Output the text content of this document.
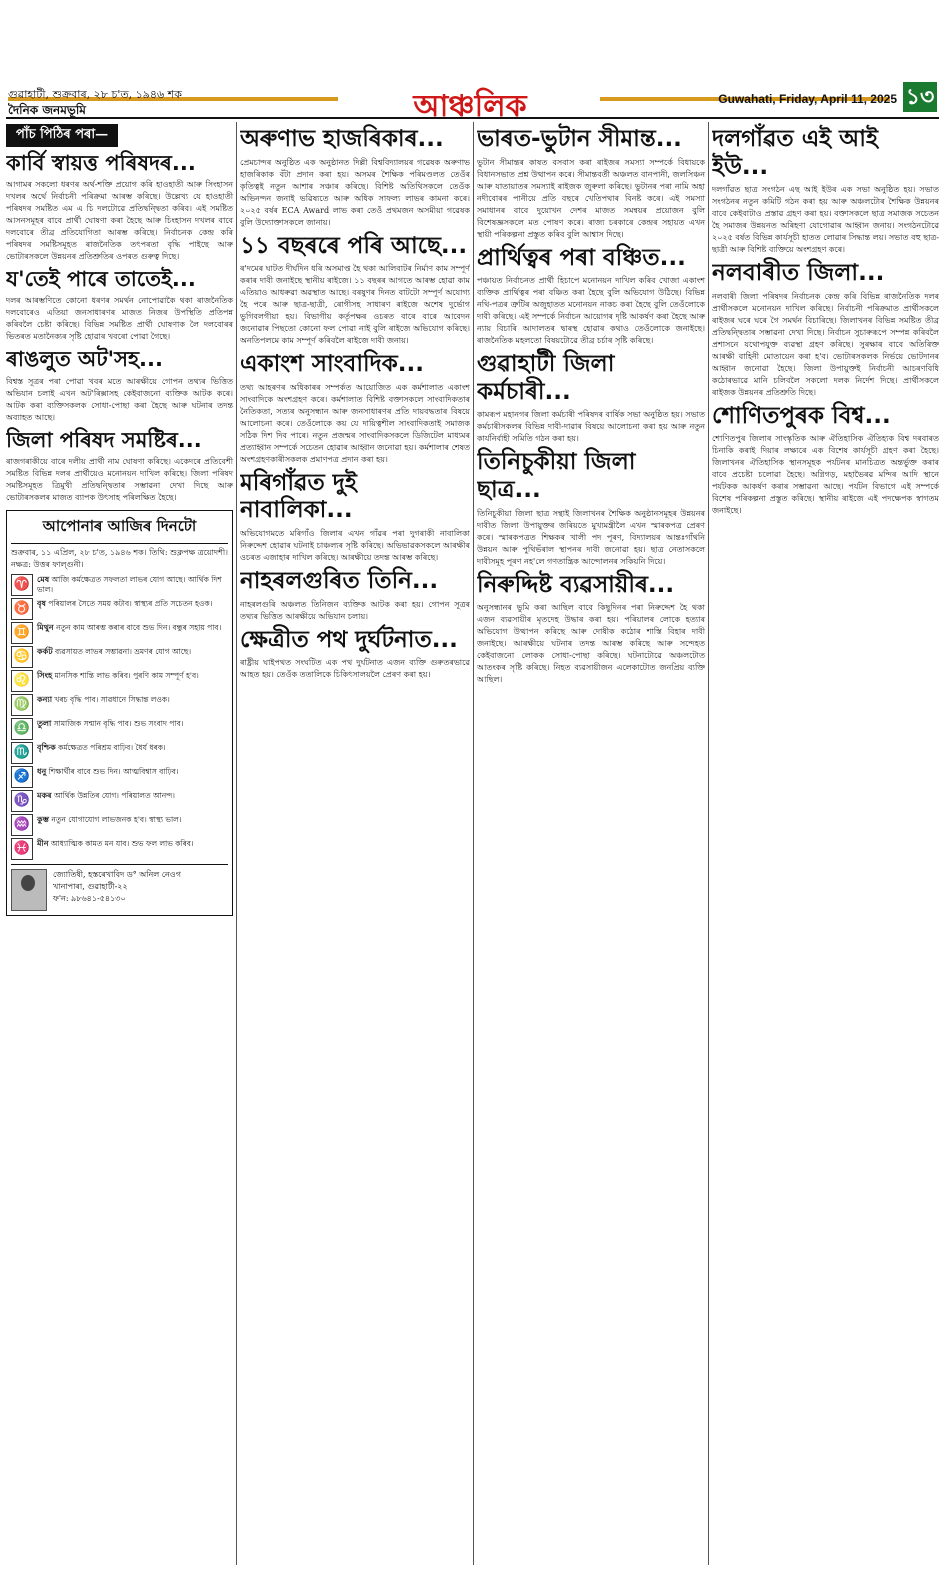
আঞ্চলিক
গুৱাহাটী, শুক্ৰবাৰ, ২৮ চ'ত, ১৯৪৬ শক
দৈনিক জনমভূমি
Guwahati, Friday, April 11, 2025 ১৩
পাঁচ পিঠিৰ পৰা—
কাৰ্বি স্বায়ত্ত পৰিষদৰ...

আগামৰ সকলো ধৰণৰ অৰ্থ-শক্তি প্ৰয়োগ কৰি হাওহাতী আৰু সিংহাসন দখলৰ অৰ্থে নিৰ্বাচনী পৰিক্ৰমা আৰম্ভ কৰিছে। উল্লেখ্য যে হাওহাতী পৰিষদৰ সমষ্টিত এম এ চি দলটোৱে প্ৰতিদ্বন্দ্বিতা কৰিব। এই সমষ্টিত আসনসমূহৰ বাবে প্ৰাৰ্থী ঘোষণা কৰা হৈছে আৰু চিংহাসন দখলৰ বাবে দলবোৰে তীব্ৰ প্ৰতিযোগিতা আৰম্ভ কৰিছে। নিৰ্বাচনক কেন্দ্ৰ কৰি পৰিষদৰ সমষ্টিসমূহত ৰাজনৈতিক তৎপৰতা বৃদ্ধি পাইছে আৰু ভোটাৰসকলে উন্নয়নৰ প্ৰতিশ্ৰুতিৰ ওপৰত গুৰুত্ব দিছে।

য'তেই পাৰে তাতেই...

দলৰ আৰম্ভণিতে কোনো ধৰণৰ সমৰ্থন নোপোৱাকৈ থকা ৰাজনৈতিক দলবোৰেও এতিয়া জনসাধাৰণৰ মাজত নিজৰ উপস্থিতি প্ৰতিপন্ন কৰিবলৈ চেষ্টা কৰিছে। বিভিন্ন সমষ্টিত প্ৰাৰ্থী ঘোষণাক লৈ দলবোৰৰ ভিতৰত মতানৈক্যৰ সৃষ্টি হোৱাৰ খবৰো পোৱা গৈছে।

ৰাঙলুত অট'সহ...

বিশ্বস্ত সূত্ৰৰ পৰা পোৱা খবৰ মতে আৰক্ষীয়ে গোপন তথ্যৰ ভিত্তিত অভিযান চলাই এখন অট'ৰিক্সাসহ কেইবাজনো ব্যক্তিক আটক কৰে। আটক কৰা ব্যক্তিসকলক সোধা-পোছা কৰা হৈছে আৰু ঘটনাৰ তদন্ত অব্যাহত আছে।

জিলা পৰিষদ সমষ্টিৰ...

ৰাজগৰাকীয়ে বাৰে দলীয় প্ৰাৰ্থী নাম ঘোষণা কৰিছে। একেদৰে প্ৰতিবেশী সমষ্টিত বিভিন্ন দলৰ প্ৰাৰ্থীয়েও মনোনয়ন দাখিল কৰিছে। জিলা পৰিষদ সমষ্টিসমূহত ত্ৰিমুখী প্ৰতিদ্বন্দ্বিতাৰ সম্ভাৱনা দেখা দিছে আৰু ভোটাৰসকলৰ মাজত ব্যাপক উৎসাহ পৰিলক্ষিত হৈছে।

আপোনাৰ আজিৰ দিনটো

শুক্ৰবাৰ, ১১ এপ্ৰিল, ২৮ চ'ত, ১৯৪৬ শক। তিথি: শুক্লপক্ষ ত্ৰয়োদশী। নক্ষত্ৰ: উত্তৰ ফাল্গুনী।

♈ মেষ আজি কৰ্মক্ষেত্ৰত সফলতা লাভৰ যোগ আছে। আৰ্থিক দিশ ভাল।
♉ বৃষ পৰিয়ালৰ সৈতে সময় কটাব। স্বাস্থ্যৰ প্ৰতি সচেতন হওক।
♊ মিথুন নতুন কাম আৰম্ভ কৰাৰ বাবে শুভ দিন। বন্ধুৰ সহায় পাব।
♋ কৰ্কট ব্যৱসায়ত লাভৰ সম্ভাৱনা। ভ্ৰমণৰ যোগ আছে।
♌ সিংহ মানসিক শান্তি লাভ কৰিব। পুৰণি কাম সম্পূৰ্ণ হ'ব।
♍ কন্যা খৰচ বৃদ্ধি পাব। সাৱধানে সিদ্ধান্ত লওক।
♎ তুলা সামাজিক সন্মান বৃদ্ধি পাব। শুভ সংবাদ পাব।
♏ বৃশ্চিক কৰ্মক্ষেত্ৰত পৰিশ্ৰম বাঢ়িব। ধৈৰ্য ধৰক।
♐ ধনু শিক্ষাৰ্থীৰ বাবে শুভ দিন। আত্মবিশ্বাস বাঢ়িব।
♑ মকৰ আৰ্থিক উন্নতিৰ যোগ। পৰিয়ালত আনন্দ।
♒ কুম্ভ নতুন যোগাযোগ লাভজনক হ'ব। স্বাস্থ্য ভাল।
♓ মীন আধ্যাত্মিক কামত মন যাব। শুভ ফল লাভ কৰিব।
জ্যোতিষী, হস্তৰেখাবিদ ড° অনিল নেওগ
খানাপাৰা, গুৱাহাটী-২২
ফ'ন: ৯৮৬৪১-৫৪১৩০
অৰুণাভ হাজৰিকাৰ...

প্ৰেমচান্দৰ অনুষ্ঠিত এক অনুষ্ঠানত দিল্লী বিশ্ববিদ্যালয়ৰ গৱেষক অৰুণাভ হাজৰিকাক বঁটা প্ৰদান কৰা হয়। অসমৰ শৈক্ষিক পৰিমণ্ডলত তেওঁৰ কৃতিত্বই নতুন আশাৰ সঞ্চাৰ কৰিছে। বিশিষ্ট অতিথিসকলে তেওঁক অভিনন্দন জনাই ভৱিষ্যতে আৰু অধিক সাফল্য লাভৰ কামনা কৰে। ২০২৫ বৰ্ষৰ ECA Award লাভ কৰা তেওঁ প্ৰথমজন অসমীয়া গৱেষক বুলি উদ্যোক্তাসকলে জানায়।

১১ বছৰৰে পৰি আছে...

ৰ'দমেৰ ঘাটত দীৰ্ঘদিন ধৰি অসমাপ্ত হৈ থকা আলিবাটৰ নিৰ্মাণ কাম সম্পূৰ্ণ কৰাৰ দাবী জনাইছে স্থানীয় ৰাইজে। ১১ বছৰৰ আগতে আৰম্ভ হোৱা কাম এতিয়াও আধৰুৱা অৱস্থাত আছে। বৰষুণৰ দিনত বাটটো সম্পূৰ্ণ অযোগ্য হৈ পৰে আৰু ছাত্ৰ-ছাত্ৰী, ৰোগীসহ সাধাৰণ ৰাইজে অশেষ দুৰ্ভোগ ভুগিবলগীয়া হয়। বিভাগীয় কৰ্তৃপক্ষৰ ওচৰত বাৰে বাৰে আবেদন জনোৱাৰ পিছতো কোনো ফল পোৱা নাই বুলি ৰাইজে অভিযোগ কৰিছে। অনতিপলমে কাম সম্পূৰ্ণ কৰিবলৈ ৰাইজে দাবী জনায়।

একাংশ সাংবাদিক...

তথ্য আহৰণৰ অধিকাৰৰ সম্পৰ্কত আয়োজিত এক কৰ্মশালাত একাংশ সাংবাদিকে অংশগ্ৰহণ কৰে। কৰ্মশালাত বিশিষ্ট বক্তাসকলে সাংবাদিকতাৰ নৈতিকতা, সত্যৰ অনুসন্ধান আৰু জনসাধাৰণৰ প্ৰতি দায়বদ্ধতাৰ বিষয়ে আলোচনা কৰে। তেওঁলোকে কয় যে দায়িত্বশীল সাংবাদিকতাই সমাজক সঠিক দিশ দিব পাৰে। নতুন প্ৰজন্মৰ সাংবাদিকসকলে ডিজিটেল মাধ্যমৰ প্ৰত্যাহ্বান সম্পৰ্কে সচেতন হোৱাৰ আহ্বান জনোৱা হয়। কৰ্মশালাৰ শেষত অংশগ্ৰহণকাৰীসকলক প্ৰমাণপত্ৰ প্ৰদান কৰা হয়।

মৰিগাঁৱত দুই নাবালিকা...

অভিযোগমতে মৰিগাঁও জিলাৰ এখন গাঁৱৰ পৰা দুগৰাকী নাবালিকা নিৰুদ্দেশ হোৱাৰ ঘটনাই চাঞ্চল্যৰ সৃষ্টি কৰিছে। অভিভাৱকসকলে আৰক্ষীৰ ওচৰত এজাহাৰ দাখিল কৰিছে। আৰক্ষীয়ে তদন্ত আৰম্ভ কৰিছে।

নাহৰলগুৰিত তিনি...

নাহৰলগুৰি অঞ্চলত তিনিজন ব্যক্তিক আটক কৰা হয়। গোপন সূত্ৰৰ তথ্যৰ ভিত্তিত আৰক্ষীয়ে অভিযান চলায়।

ক্ষেত্ৰীত পথ দুৰ্ঘটনাত...

ৰাষ্ট্ৰীয় ঘাইপথত সংঘটিত এক পথ দুৰ্ঘটনাত এজন ব্যক্তি গুৰুতৰভাৱে আহত হয়। তেওঁক ততালিকে চিকিৎসালয়লৈ প্ৰেৰণ কৰা হয়।

ভাৰত-ভুটান সীমান্ত...

ভুটান সীমান্তৰ কাষত বসবাস কৰা ৰাইজৰ সমস্যা সম্পৰ্কে বিধায়কে বিধানসভাত প্ৰশ্ন উত্থাপন কৰে। সীমান্তবৰ্তী অঞ্চলত বানপানী, জলসিঞ্চন আৰু যাতায়াতৰ সমস্যাই ৰাইজক জুৰুলা কৰিছে। ভুটানৰ পৰা নামি অহা নদীবোৰৰ পানীয়ে প্ৰতি বছৰে খেতিপথাৰ বিনষ্ট কৰে। এই সমস্যা সমাধানৰ বাবে দুয়োখন দেশৰ মাজত সমন্বয়ৰ প্ৰয়োজন বুলি বিশেষজ্ঞসকলে মত পোষণ কৰে। ৰাজ্য চৰকাৰে কেন্দ্ৰৰ সহায়ত এখন স্থায়ী পৰিকল্পনা প্ৰস্তুত কৰিব বুলি আশ্বাস দিছে।

প্ৰাৰ্থিত্বৰ পৰা বঞ্চিত...

পঞ্চায়ত নিৰ্বাচনত প্ৰাৰ্থী হিচাপে মনোনয়ন দাখিল কৰিব খোজা একাংশ ব্যক্তিক প্ৰাৰ্থিত্বৰ পৰা বঞ্চিত কৰা হৈছে বুলি অভিযোগ উঠিছে। বিভিন্ন নথি-পত্ৰৰ ত্ৰুটিৰ অজুহাতত মনোনয়ন নাকচ কৰা হৈছে বুলি তেওঁলোকে দাবী কৰিছে। এই সম্পৰ্কে নিৰ্বাচন আয়োগৰ দৃষ্টি আকৰ্ষণ কৰা হৈছে আৰু ন্যায় বিচাৰি আদালতৰ দ্বাৰস্থ হোৱাৰ কথাও তেওঁলোকে জনাইছে। ৰাজনৈতিক মহলতো বিষয়টোৱে তীব্ৰ চৰ্চাৰ সৃষ্টি কৰিছে।

গুৱাহাটী জিলা কৰ্মচাৰী...

কামৰূপ মহানগৰ জিলা কৰ্মচাৰী পৰিষদৰ বাৰ্ষিক সভা অনুষ্ঠিত হয়। সভাত কৰ্মচাৰীসকলৰ বিভিন্ন দাবী-দাৱাৰ বিষয়ে আলোচনা কৰা হয় আৰু নতুন কাৰ্যনিৰ্বাহী সমিতি গঠন কৰা হয়।

তিনিচুকীয়া জিলা ছাত্ৰ...

তিনিচুকীয়া জিলা ছাত্ৰ সন্থাই জিলাখনৰ শৈক্ষিক অনুষ্ঠানসমূহৰ উন্নয়নৰ দাবীত জিলা উপায়ুক্তৰ জৰিয়তে মুখ্যমন্ত্ৰীলৈ এখন স্মাৰকপত্ৰ প্ৰেৰণ কৰে। স্মাৰকপত্ৰত শিক্ষকৰ খালী পদ পূৰণ, বিদ্যালয়ৰ আন্তঃগাঁথনি উন্নয়ন আৰু পুথিভঁৰাল স্থাপনৰ দাবী জনোৱা হয়। ছাত্ৰ নেতাসকলে দাবীসমূহ পূৰণ নহ'লে গণতান্ত্ৰিক আন্দোলনৰ সকিয়নি দিয়ে।

নিৰুদ্দিষ্ট ব্যৱসায়ীৰ...

অনুসন্ধানৰ ভুমি কৰা আছিল বাবে কিছুদিনৰ পৰা নিৰুদ্দেশ হৈ থকা এজন ব্যৱসায়ীৰ মৃতদেহ উদ্ধাৰ কৰা হয়। পৰিয়ালৰ লোকে হত্যাৰ অভিযোগ উত্থাপন কৰিছে আৰু দোষীক কঠোৰ শাস্তি বিহাৰ দাবী জনাইছে। আৰক্ষীয়ে ঘটনাৰ তদন্ত আৰম্ভ কৰিছে আৰু সন্দেহত কেইবাজনো লোকক সোধা-পোছা কৰিছে। ঘটনাটোৱে অঞ্চলটোত আতংকৰ সৃষ্টি কৰিছে। নিহত ব্যৱসায়ীজন এলেকাটোত জনপ্ৰিয় ব্যক্তি আছিল।

দলগাঁৱত এই আই ইউ...

দলগাঁৱত ছাত্ৰ সংগঠন এছ আই ইউৰ এক সভা অনুষ্ঠিত হয়। সভাত সংগঠনৰ নতুন কমিটি গঠন কৰা হয় আৰু অঞ্চলটোৰ শৈক্ষিক উন্নয়নৰ বাবে কেইবাটাও প্ৰস্তাৱ গ্ৰহণ কৰা হয়। বক্তাসকলে ছাত্ৰ সমাজক সচেতন হৈ সমাজৰ উন্নয়নত অৰিহণা যোগোৱাৰ আহ্বান জনায়। সংগঠনটোৱে ২০২৫ বৰ্ষত বিভিন্ন কাৰ্যসূচী হাতত লোৱাৰ সিদ্ধান্ত লয়। সভাত বহু ছাত্ৰ-ছাত্ৰী আৰু বিশিষ্ট ব্যক্তিয়ে অংশগ্ৰহণ কৰে।

নলবাৰীত জিলা...

নলবাৰী জিলা পৰিষদৰ নিৰ্বাচনক কেন্দ্ৰ কৰি বিভিন্ন ৰাজনৈতিক দলৰ প্ৰাৰ্থীসকলে মনোনয়ন দাখিল কৰিছে। নিৰ্বাচনী পৰিক্ৰমাত প্ৰাৰ্থীসকলে ৰাইজৰ ঘৰে ঘৰে গৈ সমৰ্থন বিচাৰিছে। জিলাখনৰ বিভিন্ন সমষ্টিত তীব্ৰ প্ৰতিদ্বন্দ্বিতাৰ সম্ভাৱনা দেখা দিছে। নিৰ্বাচন সুচাৰুৰূপে সম্পন্ন কৰিবলৈ প্ৰশাসনে যথোপযুক্ত ব্যৱস্থা গ্ৰহণ কৰিছে। সুৰক্ষাৰ বাবে অতিৰিক্ত আৰক্ষী বাহিনী মোতায়েন কৰা হ'ব। ভোটাৰসকলক নিৰ্ভয়ে ভোটদানৰ আহ্বান জনোৱা হৈছে। জিলা উপায়ুক্তই নিৰ্বাচনী আচৰণবিধি কঠোৰভাৱে মানি চলিবলৈ সকলো দলক নিৰ্দেশ দিছে। প্ৰাৰ্থীসকলে ৰাইজক উন্নয়নৰ প্ৰতিশ্ৰুতি দিছে।

শোণিতপুৰক বিশ্ব...

শোণিতপুৰ জিলাৰ সাংস্কৃতিক আৰু ঐতিহাসিক ঐতিহ্যক বিশ্ব দৰবাৰত চিনাকি কৰাই দিয়াৰ লক্ষ্যৰে এক বিশেষ কাৰ্যসূচী গ্ৰহণ কৰা হৈছে। জিলাখনৰ ঐতিহাসিক স্থানসমূহক পৰ্যটনৰ মানচিত্ৰত অন্তৰ্ভুক্ত কৰাৰ বাবে প্ৰচেষ্টা চলোৱা হৈছে। অগ্নিগড়, মহাভৈৰৱ মন্দিৰ আদি স্থানে পৰ্যটকক আকৰ্ষণ কৰাৰ সম্ভাৱনা আছে। পৰ্যটন বিভাগে এই সম্পৰ্কে বিশেষ পৰিকল্পনা প্ৰস্তুত কৰিছে। স্থানীয় ৰাইজে এই পদক্ষেপক স্বাগতম জনাইছে।
